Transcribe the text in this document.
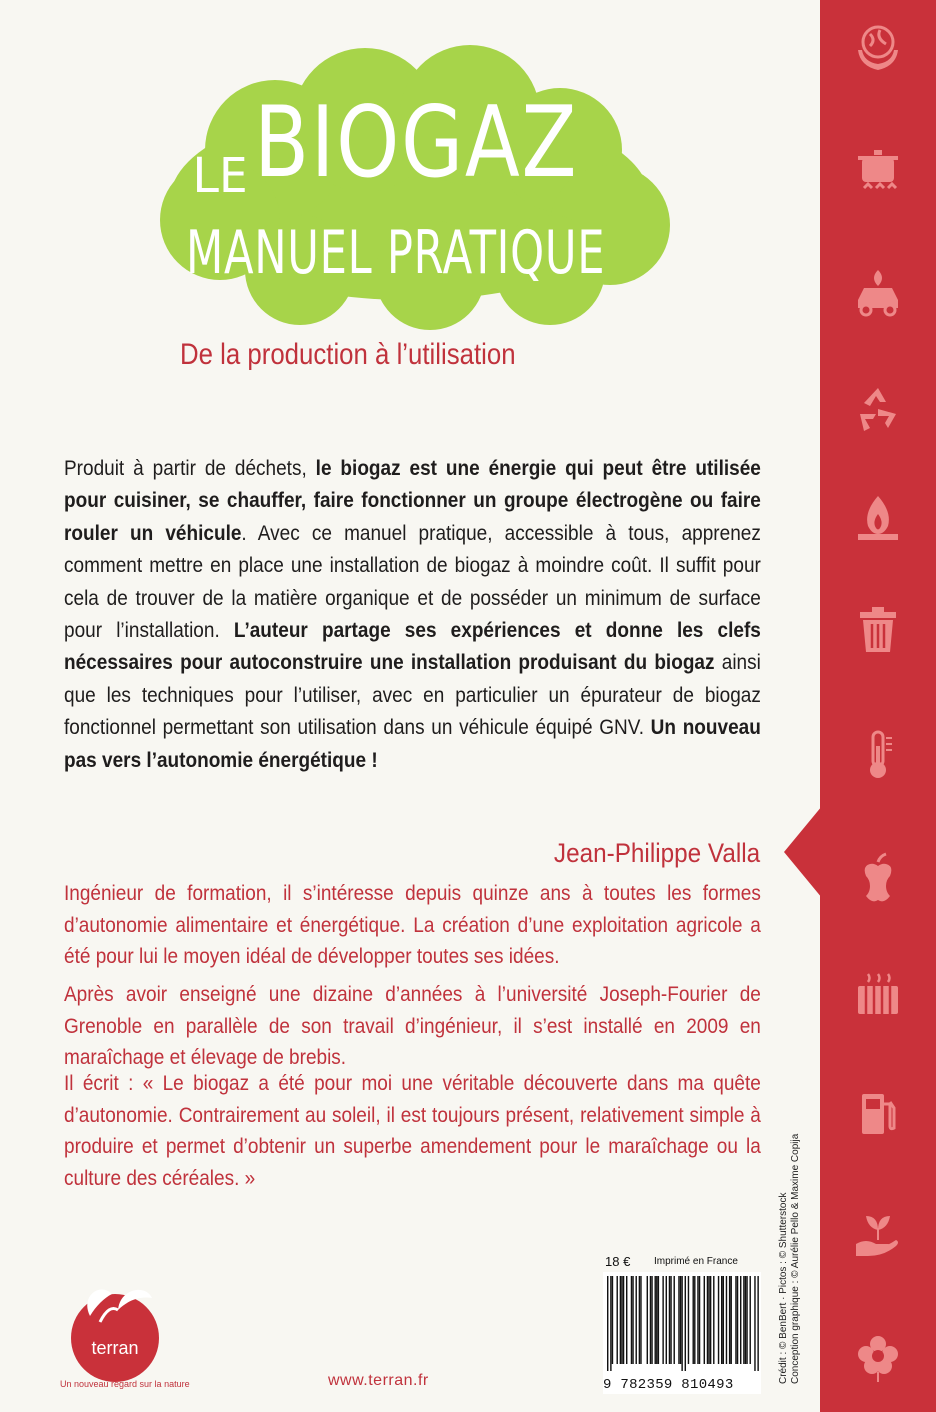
LE BIOGAZ
MANUEL PRATIQUE
De la production à l’utilisation
Produit à partir de déchets, le biogaz est une énergie qui peut être utilisée pour cuisiner, se chauffer, faire fonctionner un groupe électrogène ou faire rouler un véhicule. Avec ce manuel pratique, accessible à tous, apprenez comment mettre en place une installation de biogaz à moindre coût. Il suffit pour cela de trouver de la matière organique et de posséder un minimum de surface pour l’installation. L’auteur partage ses expériences et donne les clefs nécessaires pour autoconstruire une installation produisant du biogaz ainsi que les techniques pour l’utiliser, avec en particulier un épurateur de biogaz fonctionnel permettant son utilisation dans un véhicule équipé GNV. Un nouveau pas vers l’autonomie énergétique !
Jean-Philippe Valla
Ingénieur de formation, il s’intéresse depuis quinze ans à toutes les formes d’autonomie alimentaire et énergétique. La création d’une exploitation agricole a été pour lui le moyen idéal de développer toutes ses idées.
Après avoir enseigné une dizaine d’années à l’université Joseph-Fourier de Grenoble en parallèle de son travail d’ingénieur, il s’est installé en 2009 en maraîchage et élevage de brebis.
Il écrit : « Le biogaz a été pour moi une véritable découverte dans ma quête d’autonomie. Contrairement au soleil, il est toujours présent, relativement simple à produire et permet d’obtenir un superbe amendement pour le maraîchage ou la culture des céréales. »
terran
Un nouveau regard sur la nature	www.terran.fr
18 € Imprimé en France
9 782359 810493
Crédit : © BenBert · Pictos : © Shutterstock Conception graphique : © Aurélie Pello & Maxime Copija
